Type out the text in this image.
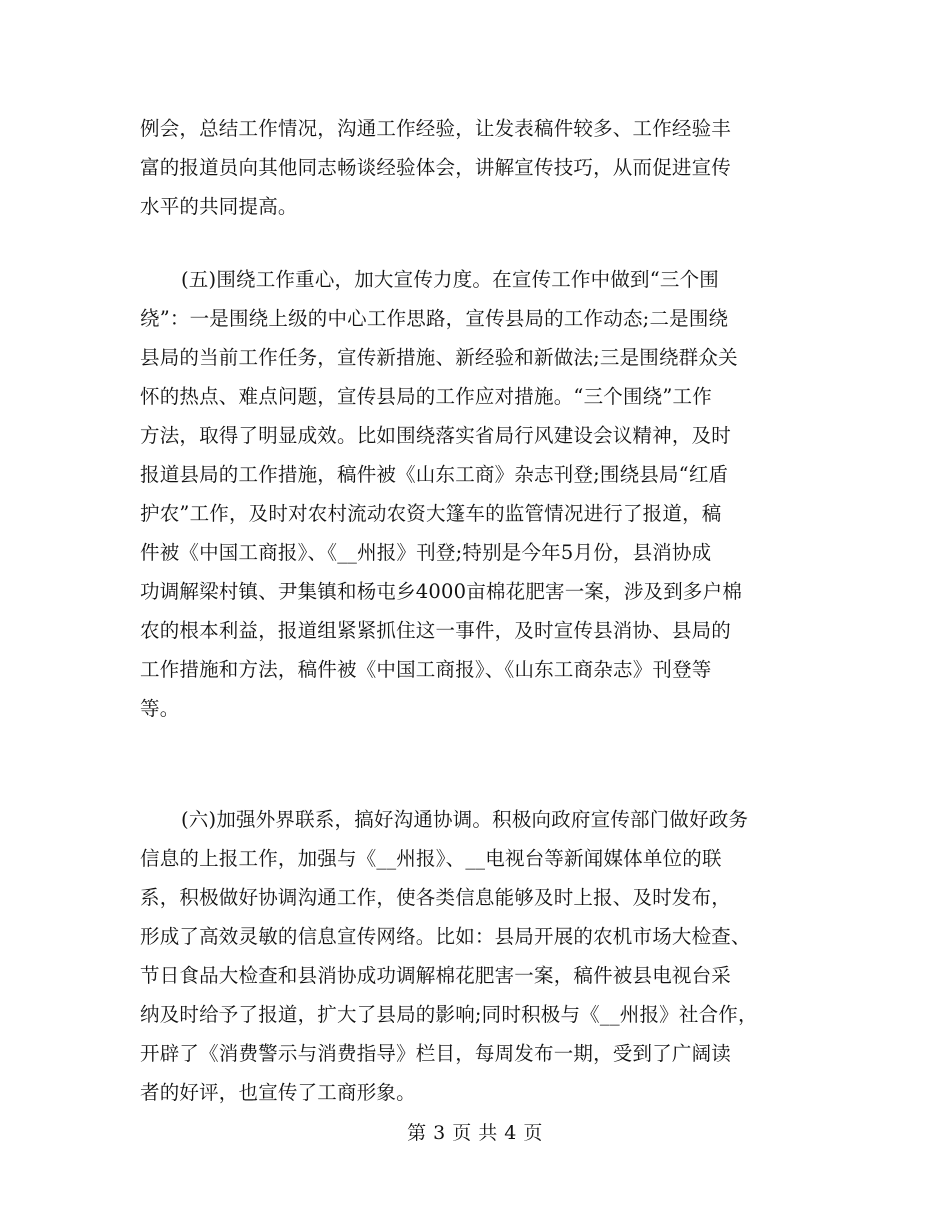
例会，总结工作情况，沟通工作经验，让发表稿件较多、工作经验丰
富的报道员向其他同志畅谈经验体会，讲解宣传技巧，从而促进宣传
水平的共同提高。
(五)围绕工作重心，加大宣传力度。在宣传工作中做到“三个围
绕”：一是围绕上级的中心工作思路，宣传县局的工作动态;二是围绕
县局的当前工作任务，宣传新措施、新经验和新做法;三是围绕群众关
怀的热点、难点问题，宣传县局的工作应对措施。“三个围绕”工作
方法，取得了明显成效。比如围绕落实省局行风建设会议精神，及时
报道县局的工作措施，稿件被《山东工商》杂志刊登;围绕县局“红盾
护农”工作，及时对农村流动农资大篷车的监管情况进行了报道，稿
件被《中国工商报》、《__州报》刊登;特别是今年5月份，县消协成
功调解梁村镇、尹集镇和杨屯乡4000亩棉花肥害一案，涉及到多户棉
农的根本利益，报道组紧紧抓住这一事件，及时宣传县消协、县局的
工作措施和方法，稿件被《中国工商报》、《山东工商杂志》刊登等
等。
(六)加强外界联系，搞好沟通协调。积极向政府宣传部门做好政务
信息的上报工作，加强与《__州报》、__电视台等新闻媒体单位的联
系，积极做好协调沟通工作，使各类信息能够及时上报、及时发布，
形成了高效灵敏的信息宣传网络。比如：县局开展的农机市场大检查、
节日食品大检查和县消协成功调解棉花肥害一案，稿件被县电视台采
纳及时给予了报道，扩大了县局的影响;同时积极与《__州报》社合作，
开辟了《消费警示与消费指导》栏目，每周发布一期，受到了广阔读
者的好评，也宣传了工商形象。
第 3 页 共 4 页
